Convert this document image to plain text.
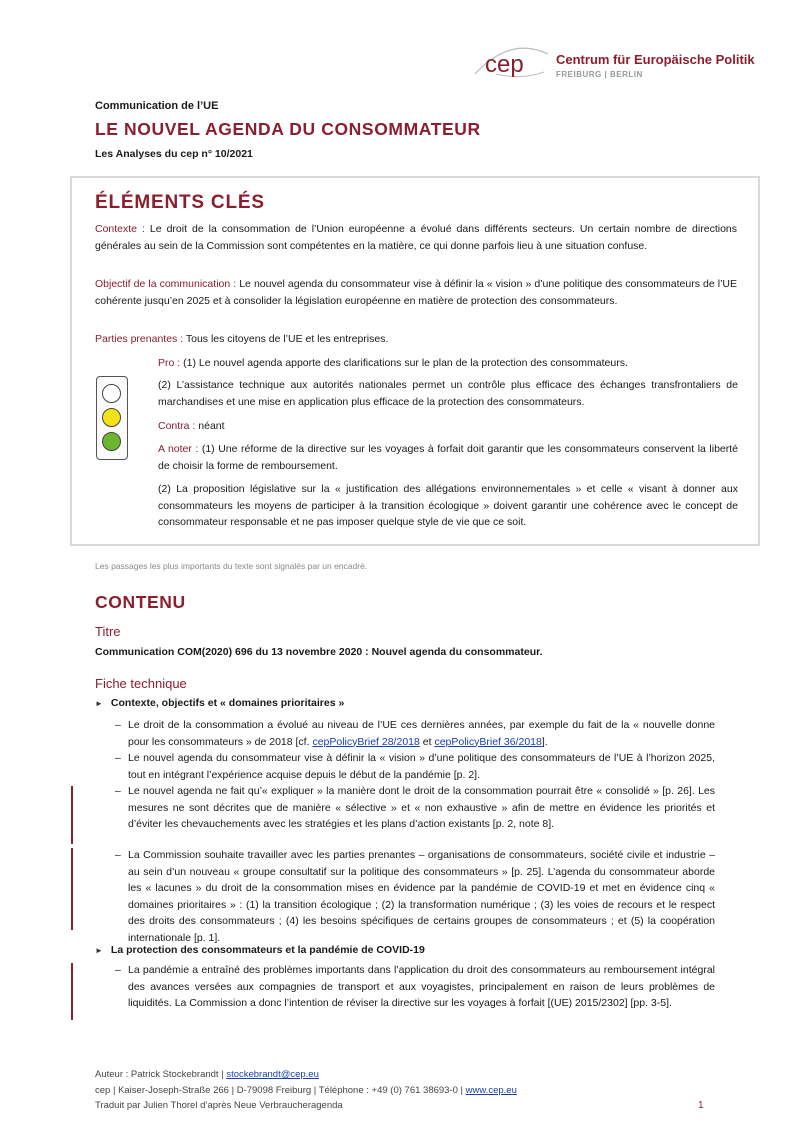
cep Centrum für Europäische Politik
FREIBURG | BERLIN
Communication de l’UE
LE NOUVEL AGENDA DU CONSOMMATEUR
Les Analyses du cep n° 10/2021
ÉLÉMENTS CLÉS
Contexte : Le droit de la consommation de l’Union européenne a évolué dans différents secteurs. Un certain nombre de directions générales au sein de la Commission sont compétentes en la matière, ce qui donne parfois lieu à une situation confuse.
Objectif de la communication : Le nouvel agenda du consommateur vise à définir la « vision » d’une politique des consommateurs de l’UE cohérente jusqu’en 2025 et à consolider la législation européenne en matière de protection des consommateurs.
Parties prenantes : Tous les citoyens de l’UE et les entreprises.
Pro : (1) Le nouvel agenda apporte des clarifications sur le plan de la protection des consommateurs.
(2) L’assistance technique aux autorités nationales permet un contrôle plus efficace des échanges transfrontaliers de marchandises et une mise en application plus efficace de la protection des consommateurs.
Contra : néant
A noter : (1) Une réforme de la directive sur les voyages à forfait doit garantir que les consommateurs conservent la liberté de choisir la forme de remboursement.
(2) La proposition législative sur la « justification des allégations environnementales » et celle « visant à donner aux consommateurs les moyens de participer à la transition écologique » doivent garantir une cohérence avec le concept de consommateur responsable et ne pas imposer quelque style de vie que ce soit.
Les passages les plus importants du texte sont signalés par un encadré.
CONTENU
Titre
Communication COM(2020) 696 du 13 novembre 2020 : Nouvel agenda du consommateur.
Fiche technique
► Contexte, objectifs et « domaines prioritaires »
– Le droit de la consommation a évolué au niveau de l’UE ces dernières années, par exemple du fait de la « nouvelle donne pour les consommateurs » de 2018 [cf. cepPolicyBrief 28/2018 et cepPolicyBrief 36/2018].
– Le nouvel agenda du consommateur vise à définir la « vision » d’une politique des consommateurs de l’UE à l’horizon 2025, tout en intégrant l’expérience acquise depuis le début de la pandémie [p. 2].
– Le nouvel agenda ne fait qu’« expliquer » la manière dont le droit de la consommation pourrait être « consolidé » [p. 26]. Les mesures ne sont décrites que de manière « sélective » et « non exhaustive » afin de mettre en évidence les priorités et d’éviter les chevauchements avec les stratégies et les plans d’action existants [p. 2, note 8].
– La Commission souhaite travailler avec les parties prenantes – organisations de consommateurs, société civile et industrie – au sein d’un nouveau « groupe consultatif sur la politique des consommateurs » [p. 25]. L’agenda du consommateur aborde les « lacunes » du droit de la consommation mises en évidence par la pandémie de COVID-19 et met en évidence cinq « domaines prioritaires » : (1) la transition écologique ; (2) la transformation numérique ; (3) les voies de recours et le respect des droits des consommateurs ; (4) les besoins spécifiques de certains groupes de consommateurs ; et (5) la coopération internationale [p. 1].
► La protection des consommateurs et la pandémie de COVID-19
– La pandémie a entraîné des problèmes importants dans l’application du droit des consommateurs au remboursement intégral des avances versées aux compagnies de transport et aux voyagistes, principalement en raison de leurs problèmes de liquidités. La Commission a donc l’intention de réviser la directive sur les voyages à forfait [(UE) 2015/2302] [pp. 3-5].
Auteur : Patrick Stockebrandt | stockebrandt@cep.eu
cep | Kaiser-Joseph-Straße 266 | D-79098 Freiburg | Téléphone : +49 (0) 761 38693-0 | www.cep.eu
Traduit par Julien Thorel d’après Neue Verbraucheragenda	1
